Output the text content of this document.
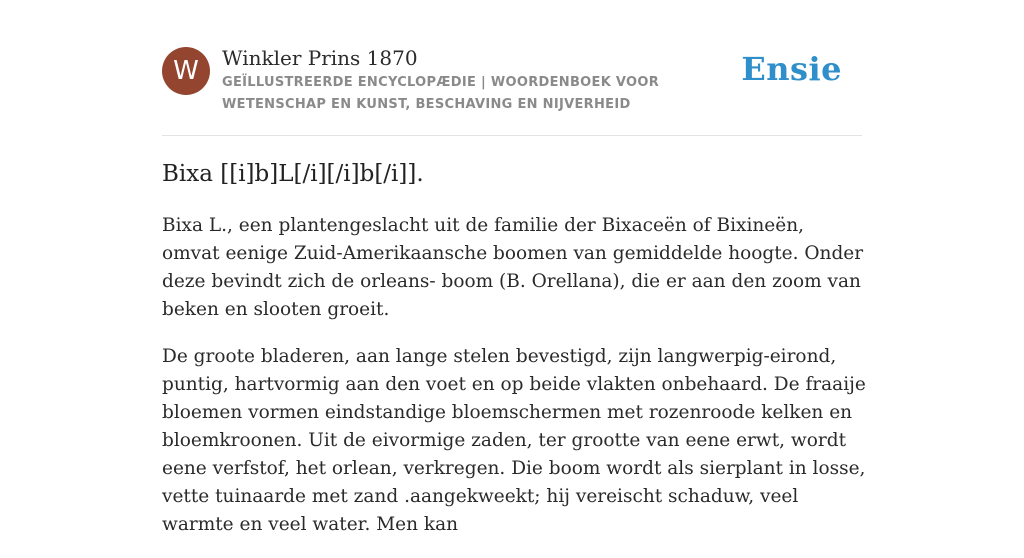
W	Winkler Prins 1870
GEÏLLUSTREERDE ENCYCLOPÆDIE | WOORDENBOEK VOOR WETENSCHAP EN KUNST, BESCHAVING EN NIJVERHEID
Ensie
Bixa [[i]b]L[/i][/i]b[/i]].

Bixa L., een plantengeslacht uit de familie der Bixaceën of Bixineën, omvat eenige Zuid-Amerikaansche boomen van gemiddelde hoogte. Onder deze bevindt zich de orleans- boom (B. Orellana), die er aan den zoom van beken en slooten groeit.

De groote bladeren, aan lange stelen bevestigd, zijn langwerpig-eirond, puntig, hartvormig aan den voet en op beide vlakten onbehaard. De fraaije bloemen vormen eindstandige bloemschermen met rozenroode kelken en bloemkroonen. Uit de eivormige zaden, ter grootte van eene erwt, wordt eene verfstof, het orlean, verkregen. Die boom wordt als sierplant in losse, vette tuinaarde met zand .aangekweekt; hij vereischt schaduw, veel warmte en veel water. Men kan
